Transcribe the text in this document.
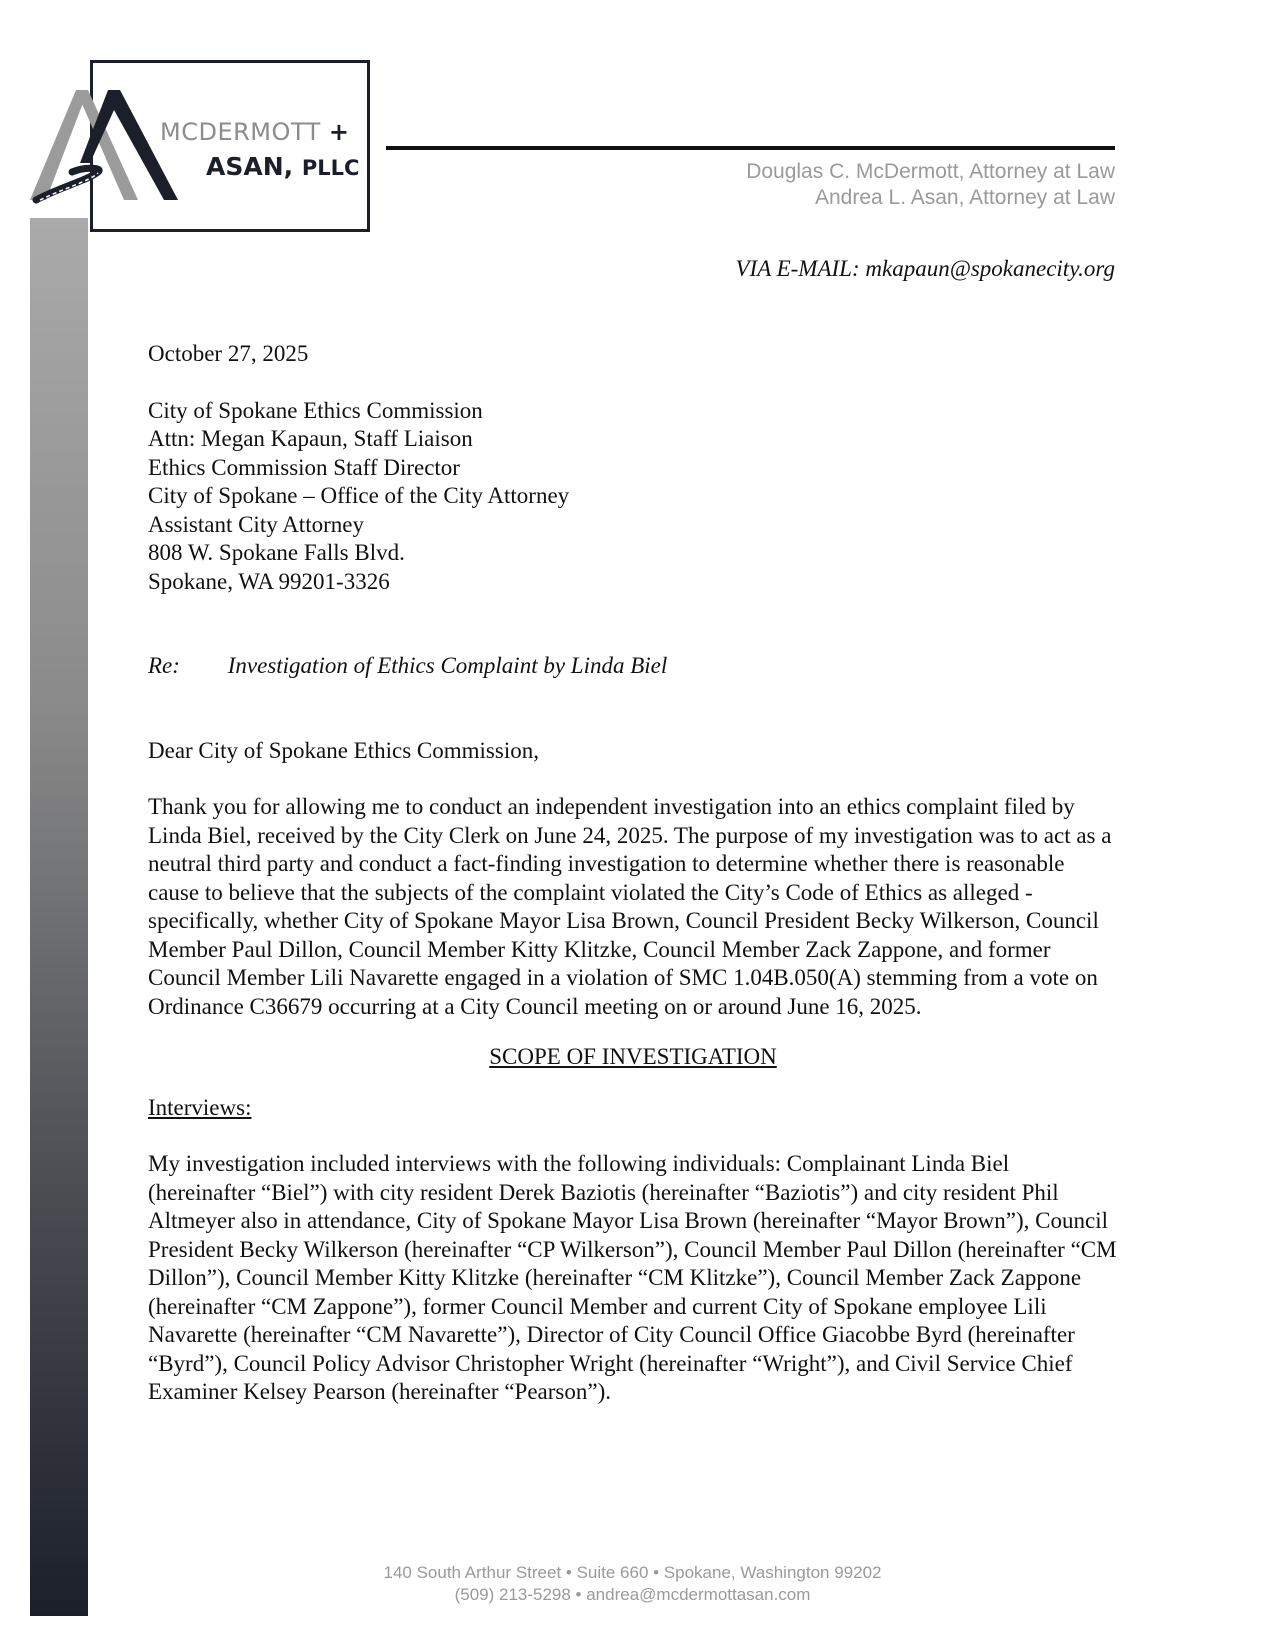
MCDERMOTT +
ASAN, PLLC	Douglas C. McDermott, Attorney at Law
Andrea L. Asan, Attorney at Law
VIA E-MAIL: mkapaun@spokanecity.org
October 27, 2025
City of Spokane Ethics Commission
Attn: Megan Kapaun, Staff Liaison
Ethics Commission Staff Director
City of Spokane – Office of the City Attorney
Assistant City Attorney
808 W. Spokane Falls Blvd.
Spokane, WA 99201-3326
Re: Investigation of Ethics Complaint by Linda Biel
Dear City of Spokane Ethics Commission,

Thank you for allowing me to conduct an independent investigation into an ethics complaint filed by Linda Biel, received by the City Clerk on June 24, 2025. The purpose of my investigation was to act as a neutral third party and conduct a fact-finding investigation to determine whether there is reasonable cause to believe that the subjects of the complaint violated the City’s Code of Ethics as alleged - specifically, whether City of Spokane Mayor Lisa Brown, Council President Becky Wilkerson, Council Member Paul Dillon, Council Member Kitty Klitzke, Council Member Zack Zappone, and former Council Member Lili Navarette engaged in a violation of SMC 1.04B.050(A) stemming from a vote on Ordinance C36679 occurring at a City Council meeting on or around June 16, 2025.

SCOPE OF INVESTIGATION

Interviews:

My investigation included interviews with the following individuals: Complainant Linda Biel (hereinafter “Biel”) with city resident Derek Baziotis (hereinafter “Baziotis”) and city resident Phil Altmeyer also in attendance, City of Spokane Mayor Lisa Brown (hereinafter “Mayor Brown”), Council President Becky Wilkerson (hereinafter “CP Wilkerson”), Council Member Paul Dillon (hereinafter “CM Dillon”), Council Member Kitty Klitzke (hereinafter “CM Klitzke”), Council Member Zack Zappone (hereinafter “CM Zappone”), former Council Member and current City of Spokane employee Lili Navarette (hereinafter “CM Navarette”), Director of City Council Office Giacobbe Byrd (hereinafter “Byrd”), Council Policy Advisor Christopher Wright (hereinafter “Wright”), and Civil Service Chief Examiner Kelsey Pearson (hereinafter “Pearson”).

140 South Arthur Street • Suite 660 • Spokane, Washington 99202
(509) 213-5298 • andrea@mcdermottasan.com
